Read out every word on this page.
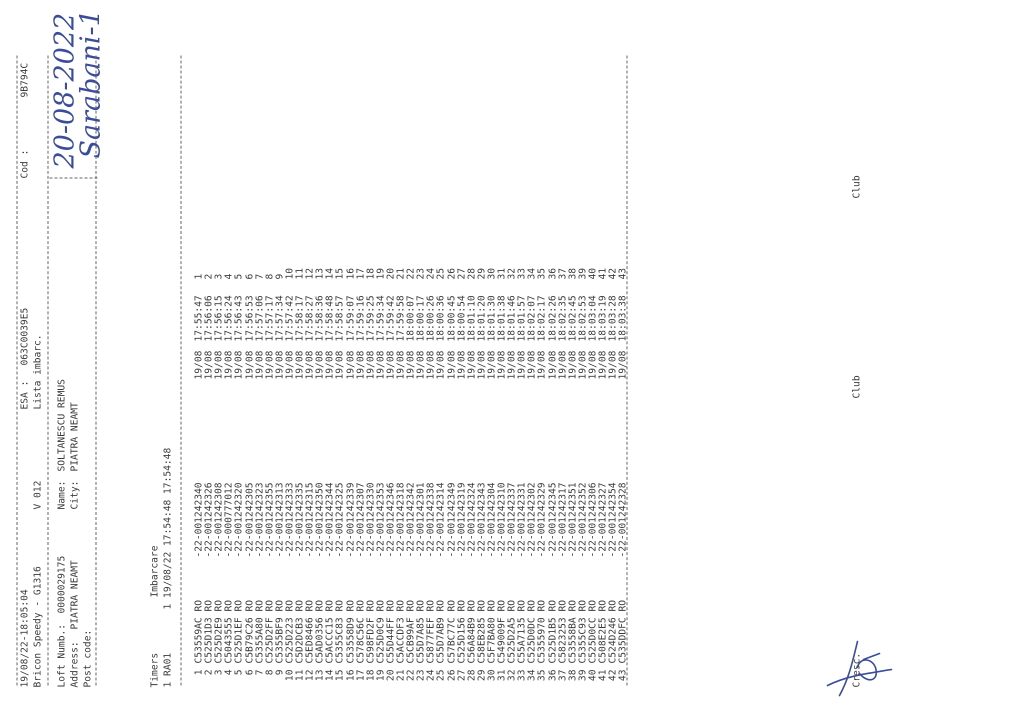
19/08/22-18:05:04
ESA :
063C0039E5
Cod :
9B794C
Bricon Speedy - G1316
V 012
Lista imbarc.
Loft Numb.:
0000029175
Name:
SOLTANESCU REMUS
Address:
PIATRA NEAMT
City:
PIATRA NEAMT
Post code:
20-08-2022
Sarabani-1
Timers
Imbarcare
1 RA01
1 19/08/22 17:54:48 17:54:48
1
C53559AC RO
-22-001242340
19/08
17:55:47
1
2
C525D1D3 RO
-22-001242326
19/08
17:56:06
2
3
C525D2E9 RO
-22-001242308
19/08
17:56:15
3
4
C5043555 RO
-22-000777012
19/08
17:56:24
4
5
C525D1EF RO
-22-001242320
19/08
17:56:43
5
6
C5B79C26 RO
-22-001242305
19/08
17:56:53
6
7
C5355A80 RO
-22-001242323
19/08
17:57:06
7
8
C525D2FF RO
-22-001242355
19/08
17:57:17
8
9
C5355BF9 RO
-22-001242313
19/08
17:57:34
9
10
C525D223 RO
-22-001242333
19/08
17:57:42
10
11
C5D2DCB3 RO
-22-001242335
19/08
17:58:17
11
12
C5ED8466 RO
-22-001242315
19/08
17:58:27
12
13
C5AD0356 RO
-22-001242350
19/08
17:58:36
13
14
C5ACCC15 RO
-22-001242344
19/08
17:58:48
14
15
C5355C83 RO
-22-001242325
19/08
17:58:57
15
16
C53558D9 RO
-22-001242339
19/08
17:59:07
16
17
C578C56C RO
-22-001242307
19/08
17:59:16
17
18
C598FD2F RO
-22-001242330
19/08
17:59:25
18
19
C525D0C9 RO
-22-001242353
19/08
17:59:34
19
20
C55D44FF RO
-22-001242346
19/08
17:59:42
20
21
C5ACCDF3 RO
-22-001242318
19/08
17:59:58
21
22
C5CB99AF RO
-22-001242342
19/08
18:00:07
22
23
C55D7A85 RO
-22-001242301
19/08
18:00:17
23
24
C5877FEF RO
-22-001242338
19/08
18:00:26
24
25
C55D7AB9 RO
-22-001242314
19/08
18:00:36
25
26
C57BC77C RO
-22-001242349
19/08
18:00:45
26
27
C525D156 RO
-22-001242319
19/08
18:00:54
27
28
C56A84B9 RO
-22-001242324
19/08
18:01:10
28
29
C58EB285 RO
-22-001242343
19/08
18:01:20
29
30
C5F7BA80 RO
-22-001242304
19/08
18:01:30
30
31
C549009F RO
-22-001242310
19/08
18:01:38
31
32
C525D2A5 RO
-22-001242337
19/08
18:01:46
32
33
C55A7135 RO
-22-001242331
19/08
18:01:57
33
34
C525D0DC RO
-22-001242302
19/08
18:02:07
34
35
C5355970 RO
-22-001242329
19/08
18:02:17
35
36
C525D1B5 RO
-22-001242345
19/08
18:02:26
36
37
C5823253 RO
-22-001242317
19/08
18:02:35
37
38
C53558BA RO
-22-001242351
19/08
18:02:45
38
39
C5355C93 RO
-22-001242352
19/08
18:02:53
39
40
C525D0CC RO
-22-001242306
19/08
18:03:04
40
41
C508E2E5 RO
-22-001242327
19/08
18:03:19
41
42
C524D246 RO
-22-001242354
19/08
18:03:28
42
43
C535DDFC RO
-22-001242328
19/08
18:03:38
43
Cresc.
Club
Club
